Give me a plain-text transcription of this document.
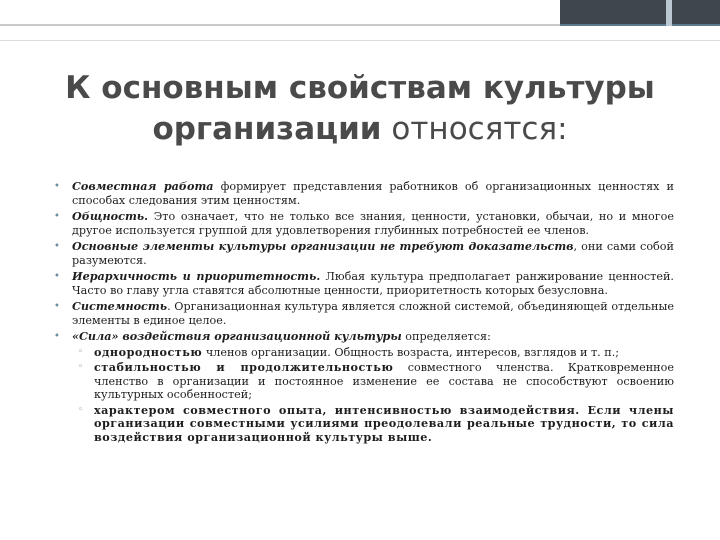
К основным свойствам культуры
организации относятся:
• Совместная работа формирует представления работников об организационных ценностях и способах следования этим ценностям.
• Общность. Это означает, что не только все знания, ценности, установки, обычаи, но и многое другое используется группой для удовлетворения глубинных потребностей ее членов.
• Основные элементы культуры организации не требуют доказательств, они сами собой разумеются.
• Иерархичность и приоритетность. Любая культура предполагает ранжирование ценностей. Часто во главу угла ставятся абсолютные ценности, приоритетность которых безусловна.
• Системность. Организационная культура является сложной системой, объединяющей отдельные элементы в единое целое.
• «Сила» воздействия организационной культуры определяется:
◦ однородностью членов организации. Общность возраста, интересов, взглядов и т. п.;
◦ стабильностью и продолжительностью совместного членства. Кратковременное членство в организации и постоянное изменение ее состава не способствуют освоению культурных особенностей;
◦ характером совместного опыта, интенсивностью взаимодействия. Если члены организации совместными усилиями преодолевали реальные трудности, то сила воздействия организационной культуры выше.
